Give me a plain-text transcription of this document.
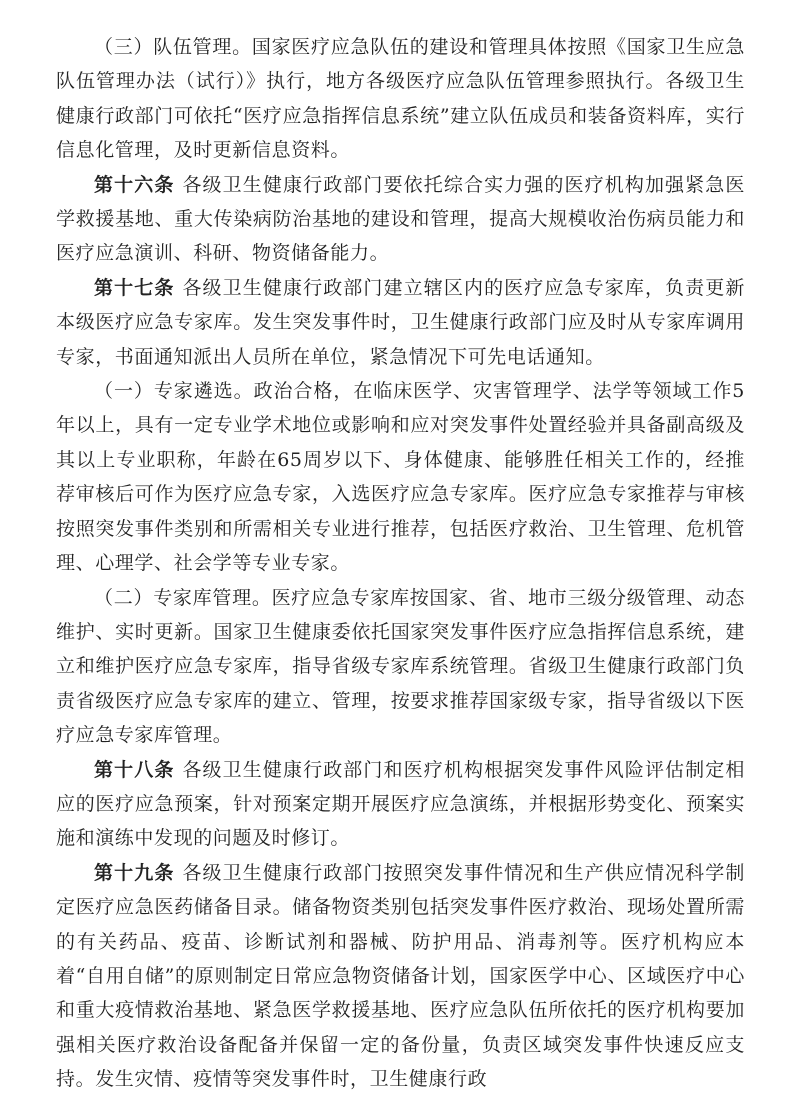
（三）队伍管理。国家医疗应急队伍的建设和管理具体按照《国家卫生应急队伍管理办法（试行）》执行，地方各级医疗应急队伍管理参照执行。各级卫生健康行政部门可依托“医疗应急指挥信息系统”建立队伍成员和装备资料库，实行信息化管理，及时更新信息资料。

第十六条 各级卫生健康行政部门要依托综合实力强的医疗机构加强紧急医学救援基地、重大传染病防治基地的建设和管理，提高大规模收治伤病员能力和医疗应急演训、科研、物资储备能力。

第十七条 各级卫生健康行政部门建立辖区内的医疗应急专家库，负责更新本级医疗应急专家库。发生突发事件时，卫生健康行政部门应及时从专家库调用专家，书面通知派出人员所在单位，紧急情况下可先电话通知。

（一）专家遴选。政治合格，在临床医学、灾害管理学、法学等领域工作5年以上，具有一定专业学术地位或影响和应对突发事件处置经验并具备副高级及其以上专业职称，年龄在65周岁以下、身体健康、能够胜任相关工作的，经推荐审核后可作为医疗应急专家，入选医疗应急专家库。医疗应急专家推荐与审核按照突发事件类别和所需相关专业进行推荐，包括医疗救治、卫生管理、危机管理、心理学、社会学等专业专家。

（二）专家库管理。医疗应急专家库按国家、省、地市三级分级管理、动态维护、实时更新。国家卫生健康委依托国家突发事件医疗应急指挥信息系统，建立和维护医疗应急专家库，指导省级专家库系统管理。省级卫生健康行政部门负责省级医疗应急专家库的建立、管理，按要求推荐国家级专家，指导省级以下医疗应急专家库管理。

第十八条 各级卫生健康行政部门和医疗机构根据突发事件风险评估制定相应的医疗应急预案，针对预案定期开展医疗应急演练，并根据形势变化、预案实施和演练中发现的问题及时修订。

第十九条 各级卫生健康行政部门按照突发事件情况和生产供应情况科学制定医疗应急医药储备目录。储备物资类别包括突发事件医疗救治、现场处置所需的有关药品、疫苗、诊断试剂和器械、防护用品、消毒剂等。医疗机构应本着“自用自储”的原则制定日常应急物资储备计划，国家医学中心、区域医疗中心和重大疫情救治基地、紧急医学救援基地、医疗应急队伍所依托的医疗机构要加强相关医疗救治设备配备并保留一定的备份量，负责区域突发事件快速反应支持。发生灾情、疫情等突发事件时，卫生健康行政
